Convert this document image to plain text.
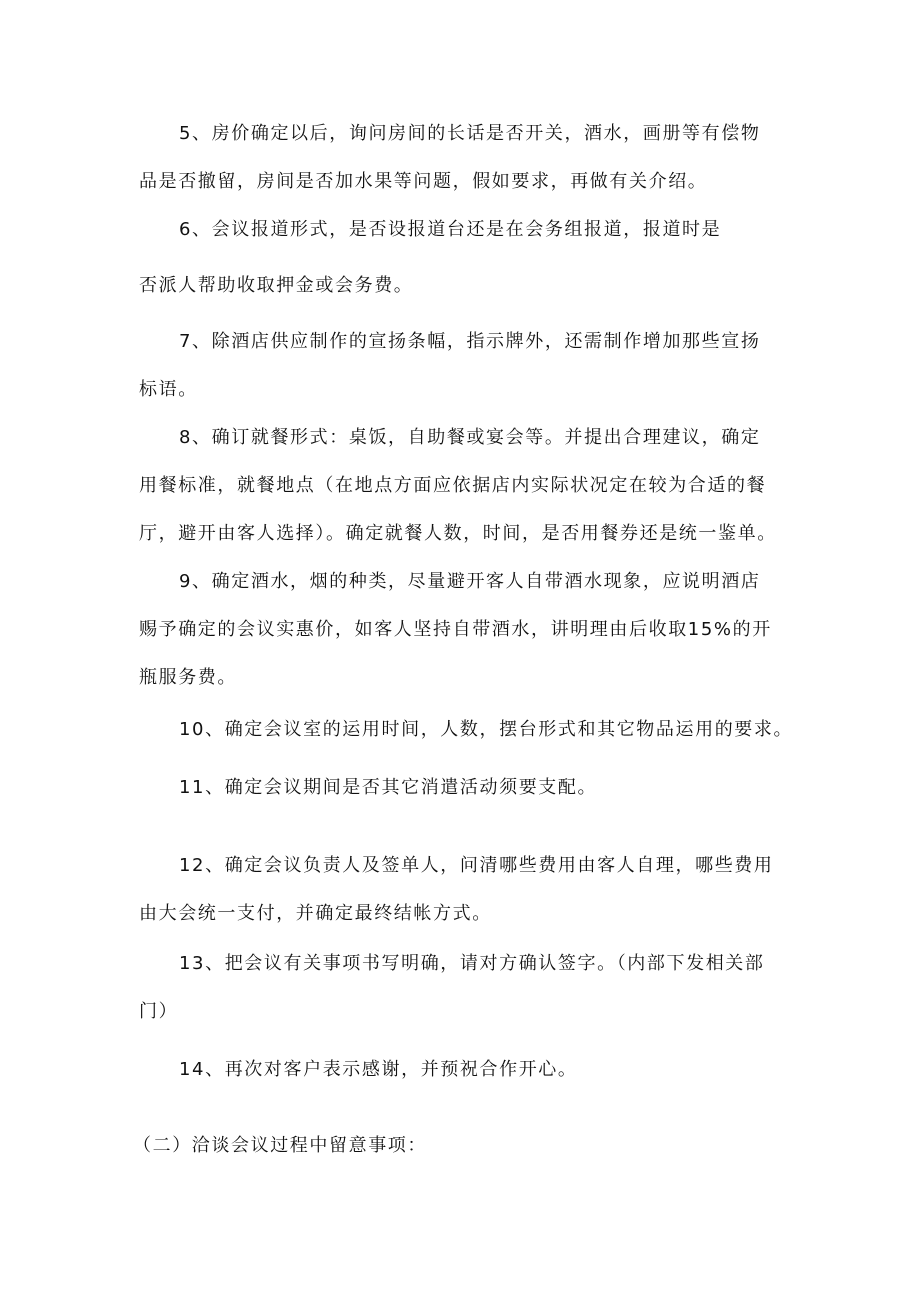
5、房价确定以后，询问房间的长话是否开关，酒水，画册等有偿物
品是否撤留，房间是否加水果等问题，假如要求，再做有关介绍。
6、会议报道形式，是否设报道台还是在会务组报道，报道时是
否派人帮助收取押金或会务费。
7、除酒店供应制作的宣扬条幅，指示牌外，还需制作增加那些宣扬
标语。
8、确订就餐形式：桌饭，自助餐或宴会等。并提出合理建议，确定
用餐标准，就餐地点（在地点方面应依据店内实际状况定在较为合适的餐
厅，避开由客人选择）。确定就餐人数，时间，是否用餐券还是统一鉴单。
9、确定酒水，烟的种类，尽量避开客人自带酒水现象，应说明酒店
赐予确定的会议实惠价，如客人坚持自带酒水，讲明理由后收取15%的开
瓶服务费。
10、确定会议室的运用时间，人数，摆台形式和其它物品运用的要求。
11、确定会议期间是否其它消遣活动须要支配。
12、确定会议负责人及签单人，问清哪些费用由客人自理，哪些费用
由大会统一支付，并确定最终结帐方式。
13、把会议有关事项书写明确，请对方确认签字。（内部下发相关部
门）
14、再次对客户表示感谢，并预祝合作开心。
（二）洽谈会议过程中留意事项：
